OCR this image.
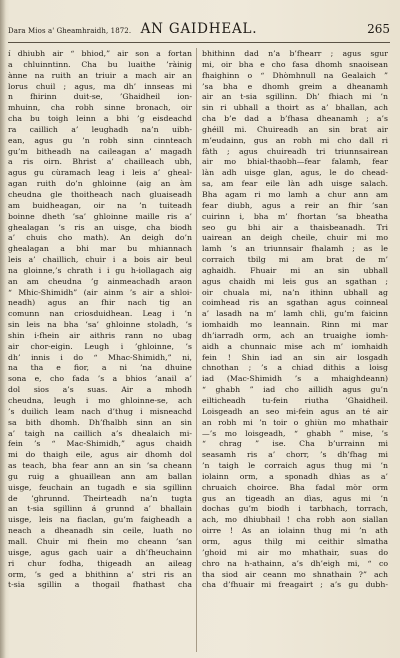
Dara Mios a' Gheamhraidh, 1872. AN GAIDHEAL.	265
í dhiubh air “ bhiod,” air son a fortan
a chluinntinn. Cha bu luaithe ’ràinig
ànne na ruith an triuir a mach air an
lorus chuil ; agus, ma dh’ innseas mi
n fhirinn duit-se, ’Ghaidheil ion-
mhuinn, cha robh sinne bronach, oir
cha bu toigh leinn a bhi ’g eisdeachd
ra caillich a’ leughadh na’n uibh-
ean, agus gu ’n robh sinn cinnteach
gu’m bitheadh na caileagan a’ magadh
a ris oirn. Bhrist a’ chailleach ubh,
agus gu cùramach leag i leis a’ gheal-
agan ruith do’n ghloinne (aig an àm
cheudna gle thoitheach nach gluaiseadh
am buidheagan, oir na ’n tuiteadh
boinne dheth ’sa’ ghloinne maille ris a’
ghealagan ’s ris an uisge, cha biodh
a’ chuis cho math). An deigh do’n
ghealagan a bhi mar bu mhiannach
leis a’ chaillich, chuir i a bois air beul
na gloinne,’s chrath i i gu h-iollagach aig
an am cheudna ’g ainmeachadh araon
“ Mhic-Shimidh” (air ainm ’s air a shloi-
neadh) agus an fhir nach tig an
comunn nan criosduidhean. Leag i ’n
sin leis na bha ’sa’ ghloinne stoladh, ’s
shin i-fhein air aithris rann no ubag
air chor-eigin. Leugh i ’ghloinne, ’s
dh’ innis i do “ Mhac-Shimidh,” ni,
na tha e fior, a ni ’na dhuine
sona e, cho fada ’s a bhios ’anail a’
dol sios a’s suas. Air a mhodh
cheudna, leugh i mo ghloinne-se, ach
’s duilich leam nach d’thug i misneachd
sa bith dhomh. Dh’fhalbh sinn an sin
a’ taigh na caillich a’s dhealaich mi-
fein ’s “ Mac-Shimidh,” agus chaidh
mi do thaigh eile, agus air dhomh dol
as teach, bha fear ann an sin ’sa cheann
gu ruig a ghuaillean ann am ballan
uisge, feuchain an tugadh e sia sgillinn
de ’ghrunnd. Theirteadh na’n tugta
an t-sia sgillinn á grunnd a’ bhallain
uisge, leis na fiaclan, gu’m faigheadh a
neach a dheanadh sin ceile, luath no
mall. Chuir mi fhein mo cheann ’san
uisge, agus gach uair a dh’fheuchainn
ri chur fodha, thigeadh an aileag
orm, ’s ged a bhithinn a’ stri ris an
t-sia sgillin a thogail fhathast cha
bhithinn dad n’a b’fhearr ; agus sgur
mi, oir bha e cho fasa dhomh snaoisean
fhaighinn o “ Dhòmhnull na Gealaich ”
’sa bha e dhomh greim a dheanamh
air an t-sia sgillinn. Dh’ fhiach mi ’n
sin ri ubhall a thoirt as a’ bhallan, ach
cha b’e dad a b’fhasa dheanamh ; a’s
ghéill mi. Chuireadh an sin brat air
m’eudainn, gus an robh mi cho dall ri
fàth ; agus chuireadh tri triunnsairean
air mo bhial-thaobh—fear falamh, fear
làn adh uisge glan, agus, le do chead-
sa, am fear eile làn adh uisge salach.
Bha agam ri mo lamh a chur ann am
fear diubh, agus a reir an fhir ’san
cuirinn i, bha m’ fhortan ’sa bheatha
seo gu bhi air a thaisbeanadh. Tri
uairean an deigh cheile, chuir mi mo
lamh ’s an triunnsair fhalamh ; as le
corraich tbilg mi am brat de m’
aghaidh. Fhuair mi an sin ubhall
agus chaidh mi leis gus an sgathan ;
oir chuala mi, na’n ithinn ubhall ag
coimhead ris an sgathan agus coinneal
a’ lasadh na m’ lamh chli, gu’m faicinn
iomhaidh mo leannain. Rinn mi mar
dh’iarradh orm, ach an truaighe iomh-
aidh a chunnaic mise ach m’ iomhaidh
fein ! Shin iad an sin air losgadh
chnothan ; ’s a chiad dithis a loisg
iad (Mac-Shimidh ’s a mhaighdeann)
“ ghabh ” iad cho aillidh agus gu’n
eilticheadh tu-fein riutha ’Ghaidheil.
Loisgeadh an seo mi-fein agus an té air
an robh mi ’n toir o ghiùn mo mhathair
—’s mo loisgeadh, “ ghabh ” mise, ’s
“ chrag ” ise. Cha b’urrainn mi
seasamh ris a’ chorr, ’s dh’fhag mi
’n taigh le corraich agus thug mi ’n
iolainn orm, a sponadh dhìas as a’
chruaich choirce. Bha fadal mòr orm
gus an tigeadh an dìas, agus mi ’n
dochas gu’m biodh i tarbhach, torrach,
ach, mo dhiubhail ! cha robh aon siallan
oirre ! As an iolainn thug mi ’n ath
orm, agus thilg mi ceithir slmatha
’ghoid mi air mo mhathair, suas do
chro na h-athainn, a’s dh’eigh mi, “ co
tha siod air ceann mo shnathain ?” ach
cha d’fhuair mi freagairt ; a’s gu dubh-
